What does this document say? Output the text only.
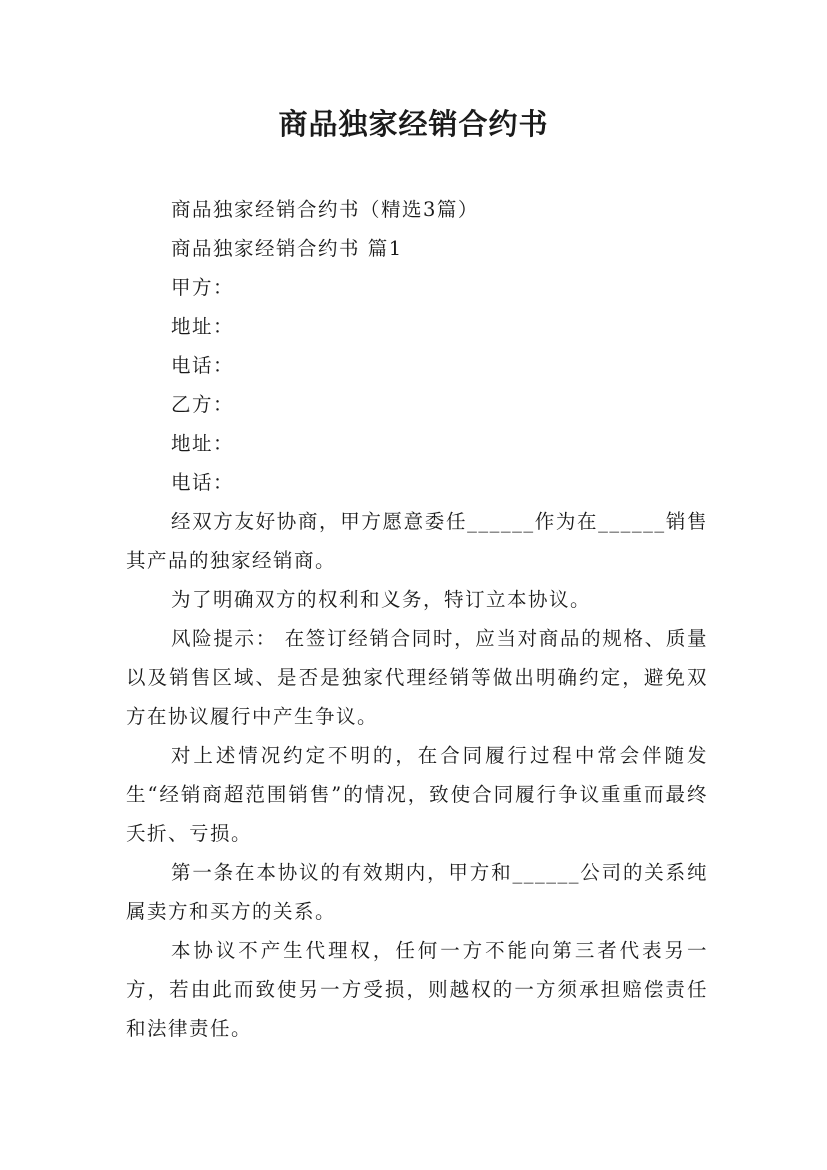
商品独家经销合约书

商品独家经销合约书（精选3篇）

商品独家经销合约书 篇1

甲方：

地址：

电话：

乙方：

地址：

电话：

经双方友好协商，甲方愿意委任______作为在______销售其产品的独家经销商。

为了明确双方的权利和义务，特订立本协议。

风险提示： 在签订经销合同时，应当对商品的规格、质量以及销售区域、是否是独家代理经销等做出明确约定，避免双方在协议履行中产生争议。

对上述情况约定不明的，在合同履行过程中常会伴随发生“经销商超范围销售”的情况，致使合同履行争议重重而最终夭折、亏损。

第一条在本协议的有效期内，甲方和______公司的关系纯属卖方和买方的关系。

本协议不产生代理权，任何一方不能向第三者代表另一方，若由此而致使另一方受损，则越权的一方须承担赔偿责任和法律责任。
